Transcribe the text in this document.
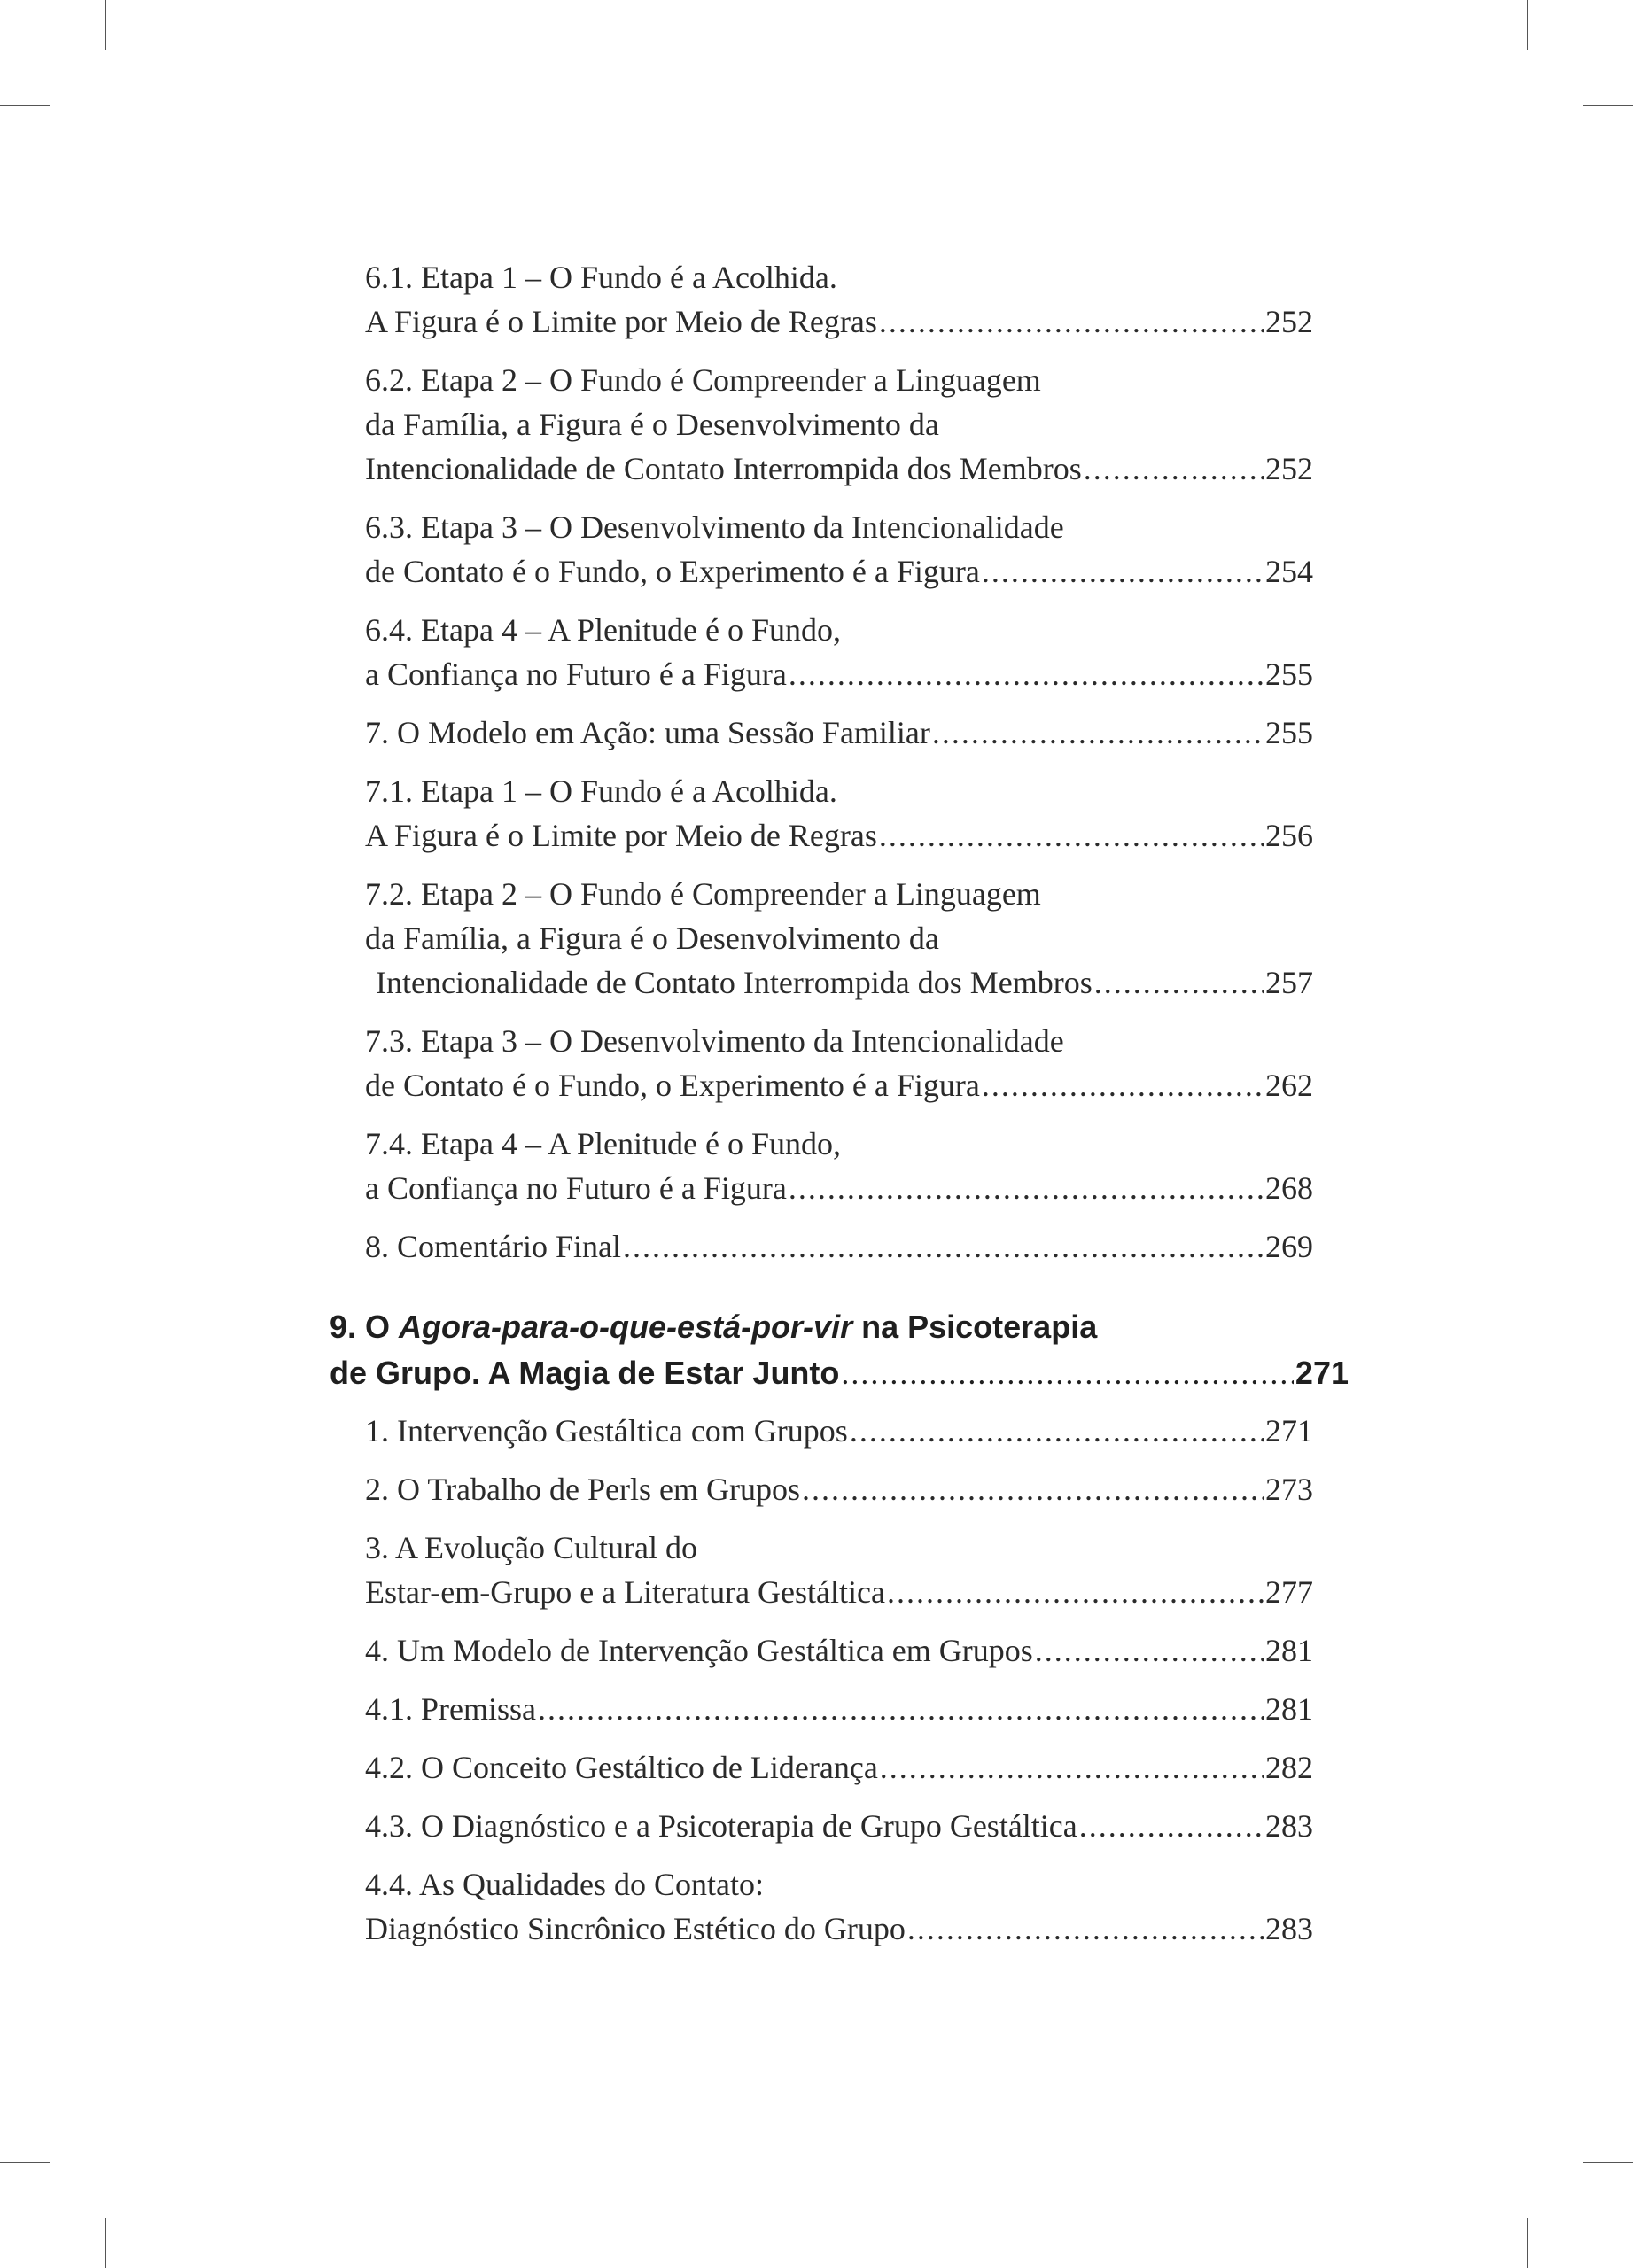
6.1. Etapa 1 – O Fundo é a Acolhida.
A Figura é o Limite por Meio de Regras .....	252
6.2. Etapa 2 – O Fundo é Compreender a Linguagem
da Família, a Figura é o Desenvolvimento da
Intencionalidade de Contato Interrompida dos Membros .....	252
6.3. Etapa 3 – O Desenvolvimento da Intencionalidade
de Contato é o Fundo, o Experimento é a Figura .....	254
6.4. Etapa 4 – A Plenitude é o Fundo,
a Confiança no Futuro é a Figura .....	255
7. O Modelo em Ação: uma Sessão Familiar .....	255
7.1. Etapa 1 – O Fundo é a Acolhida.
A Figura é o Limite por Meio de Regras .....	256
7.2. Etapa 2 – O Fundo é Compreender a Linguagem
da Família, a Figura é o Desenvolvimento da
Intencionalidade de Contato Interrompida dos Membros .....	257
7.3. Etapa 3 – O Desenvolvimento da Intencionalidade
de Contato é o Fundo, o Experimento é a Figura .....	262
7.4. Etapa 4 – A Plenitude é o Fundo,
a Confiança no Futuro é a Figura .....	268
8. Comentário Final .....	269
9. O Agora-para-o-que-está-por-vir na Psicoterapia
de Grupo. A Magia de Estar Junto .....	271
1. Intervenção Gestáltica com Grupos .....	271
2. O Trabalho de Perls em Grupos .....	273
3. A Evolução Cultural do
Estar-em-Grupo e a Literatura Gestáltica .....	277
4. Um Modelo de Intervenção Gestáltica em Grupos .....	281
4.1. Premissa .....	281
4.2. O Conceito Gestáltico de Liderança .....	282
4.3. O Diagnóstico e a Psicoterapia de Grupo Gestáltica .....	283
4.4. As Qualidades do Contato:
Diagnóstico Sincrônico Estético do Grupo .....	283
